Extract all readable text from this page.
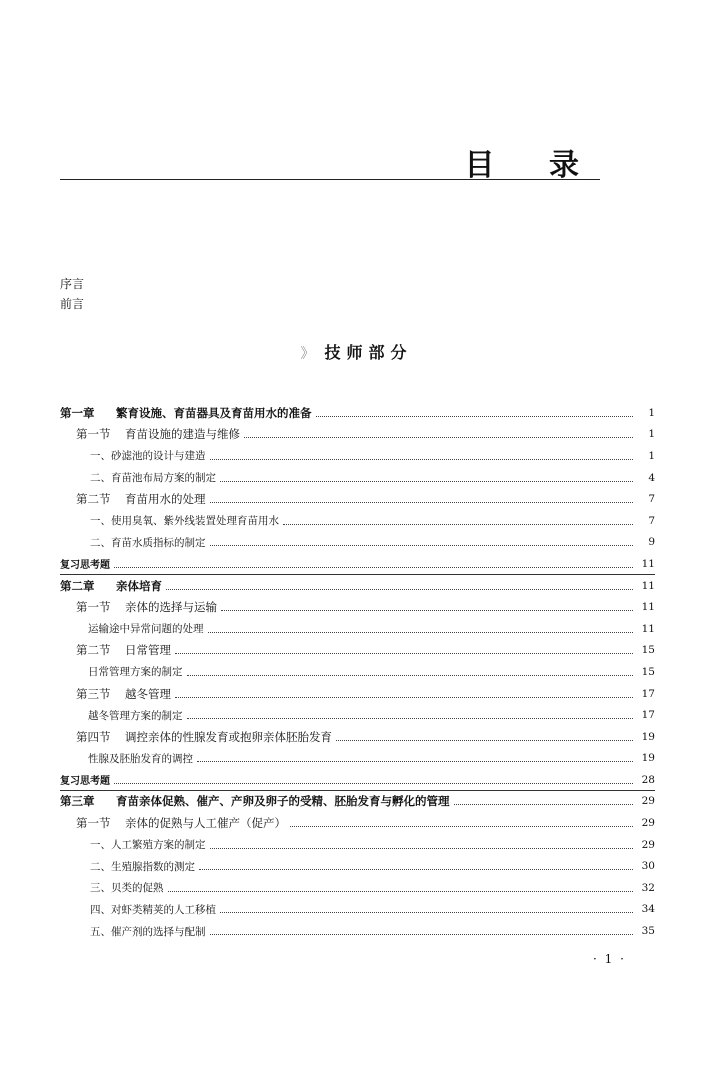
目 录
序言
前言
》 技师部分
第一章 繁育设施、育苗器具及育苗用水的准备	1
第一节 育苗设施的建造与维修	1
一、砂滤池的设计与建造	1
二、育苗池布局方案的制定	4
第二节 育苗用水的处理	7
一、使用臭氧、紫外线装置处理育苗用水	7
二、育苗水质指标的制定	9
复习思考题	11
第二章 亲体培育	11
第一节 亲体的选择与运输	11
运输途中异常问题的处理	11
第二节 日常管理	15
日常管理方案的制定	15
第三节 越冬管理	17
越冬管理方案的制定	17
第四节 调控亲体的性腺发育或抱卵亲体胚胎发育	19
性腺及胚胎发育的调控	19
复习思考题	28
第三章 育苗亲体促熟、催产、产卵及卵子的受精、胚胎发育与孵化的管理	29
第一节 亲体的促熟与人工催产（促产）	29
一、人工繁殖方案的制定	29
二、生殖腺指数的测定	30
三、贝类的促熟	32
四、对虾类精荚的人工移植	34
五、催产剂的选择与配制	35
· 1 ·
